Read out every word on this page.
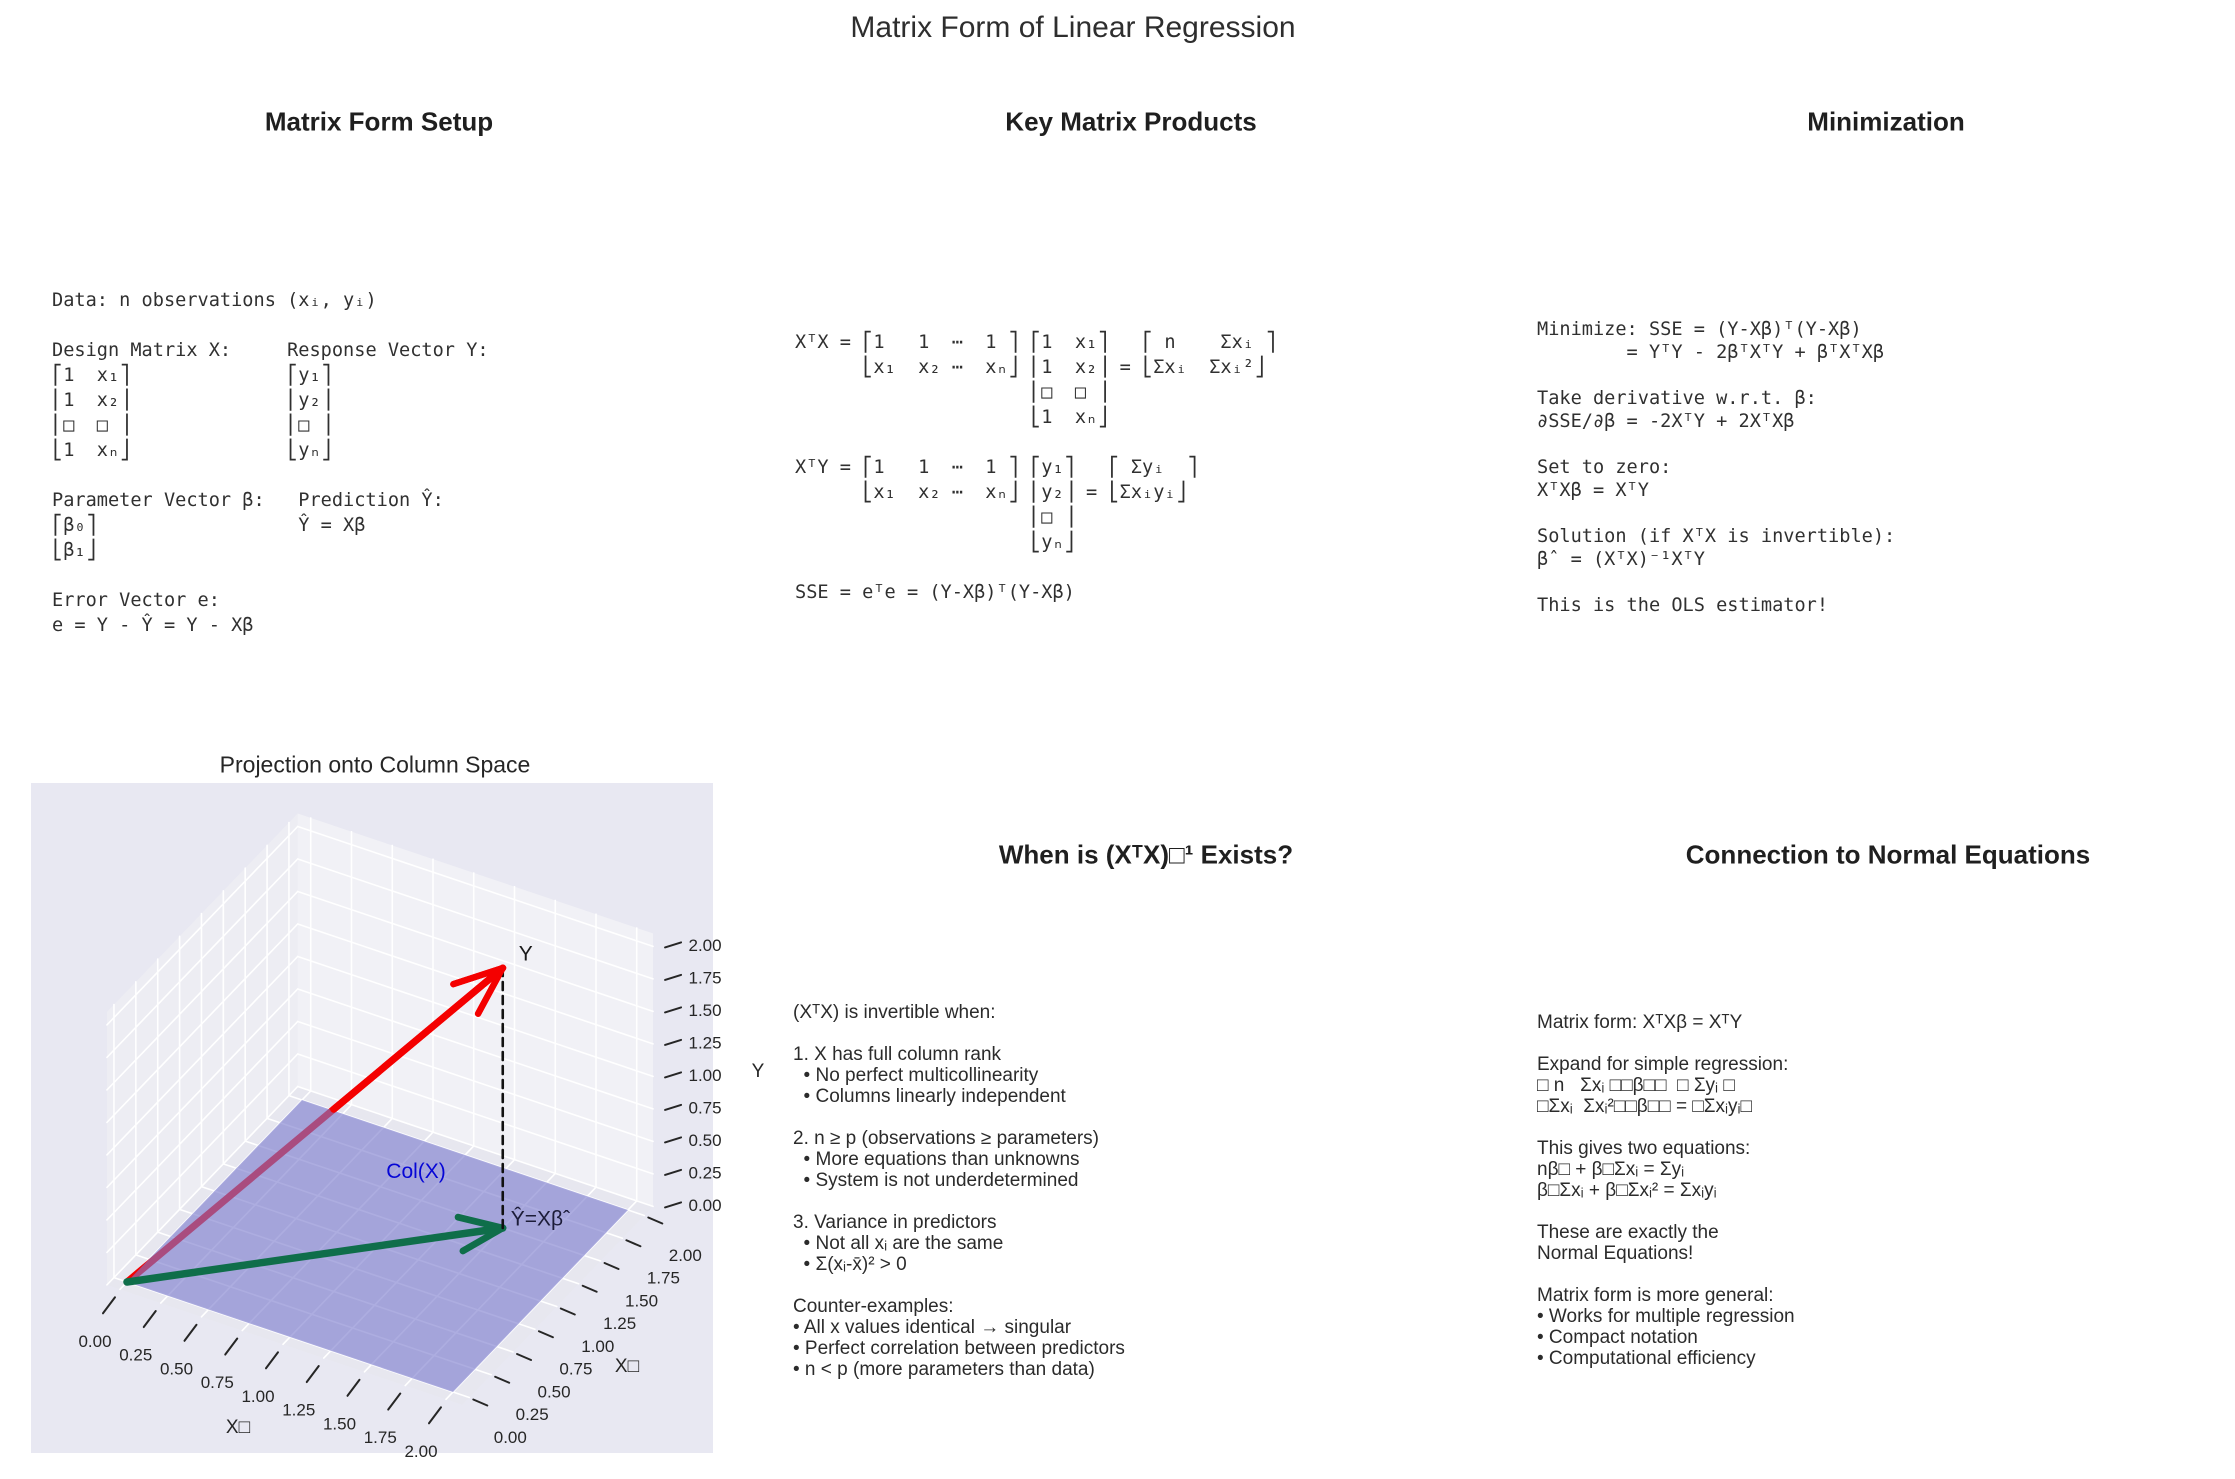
Matrix Form of Linear Regression
Matrix Form Setup	Key Matrix Products	Minimization
When is (XᵀX)□¹ Exists?	Connection to Normal Equations
Data: n observations (xᵢ, yᵢ)

Design Matrix X:     Response Vector Y:
⎡1  x₁⎤              ⎡y₁⎤
⎢1  x₂⎥              ⎢y₂⎥
⎢□  □ ⎥              ⎢□ ⎥
⎣1  xₙ⎦              ⎣yₙ⎦

Parameter Vector β:   Prediction Ŷ:
⎡β₀⎤                  Ŷ = Xβ
⎣β₁⎦

Error Vector e:
e = Y - Ŷ = Y - Xβ
XᵀX = ⎡1   1  ⋯  1 ⎤ ⎡1  x₁⎤   ⎡ n    Σxᵢ ⎤
⎣x₁  x₂ ⋯  xₙ⎦ ⎢1  x₂⎥ = ⎣Σxᵢ  Σxᵢ²⎦
⎢□  □ ⎥
⎣1  xₙ⎦

XᵀY = ⎡1   1  ⋯  1 ⎤ ⎡y₁⎤   ⎡ Σyᵢ  ⎤
⎣x₁  x₂ ⋯  xₙ⎦ ⎢y₂⎥ = ⎣Σxᵢyᵢ⎦
⎢□ ⎥
⎣yₙ⎦

SSE = eᵀe = (Y-Xβ)ᵀ(Y-Xβ)
Minimize: SSE = (Y-Xβ)ᵀ(Y-Xβ)
= YᵀY - 2βᵀXᵀY + βᵀXᵀXβ

Take derivative w.r.t. β:
∂SSE/∂β = -2XᵀY + 2XᵀXβ

Set to zero:
XᵀXβ = XᵀY

Solution (if XᵀX is invertible):
βˆ = (XᵀX)⁻¹XᵀY

This is the OLS estimator!
(XᵀX) is invertible when:

1. X has full column rank
• No perfect multicollinearity
• Columns linearly independent

2. n ≥ p (observations ≥ parameters)
• More equations than unknowns
• System is not underdetermined

3. Variance in predictors
• Not all xᵢ are the same
• Σ(xᵢ-x̄)² > 0

Counter-examples:
• All x values identical → singular
• Perfect correlation between predictors
• n < p (more parameters than data)
Matrix form: XᵀXβ = XᵀY

Expand for simple regression:
□ n   Σxᵢ □□β□□  □ Σyᵢ □
□Σxᵢ  Σxᵢ²□□β□□ = □Σxᵢyᵢ□

This gives two equations:
nβ□ + β□Σxᵢ = Σyᵢ
β□Σxᵢ + β□Σxᵢ² = Σxᵢyᵢ

These are exactly the
Normal Equations!

Matrix form is more general:
• Works for multiple regression
• Compact notation
• Computational efficiency
Projection onto Column Space
Col(X)
Y
Ŷ=Xβˆ
0.00
0.00
0.00
0.25
0.25
0.25
0.50
0.50
0.50
0.75
0.75
0.75
1.00
1.00
1.00
1.25
1.25
1.25
1.50
1.50
1.50
1.75
1.75
1.75
2.00
2.00
2.00
X□
X□
Y
